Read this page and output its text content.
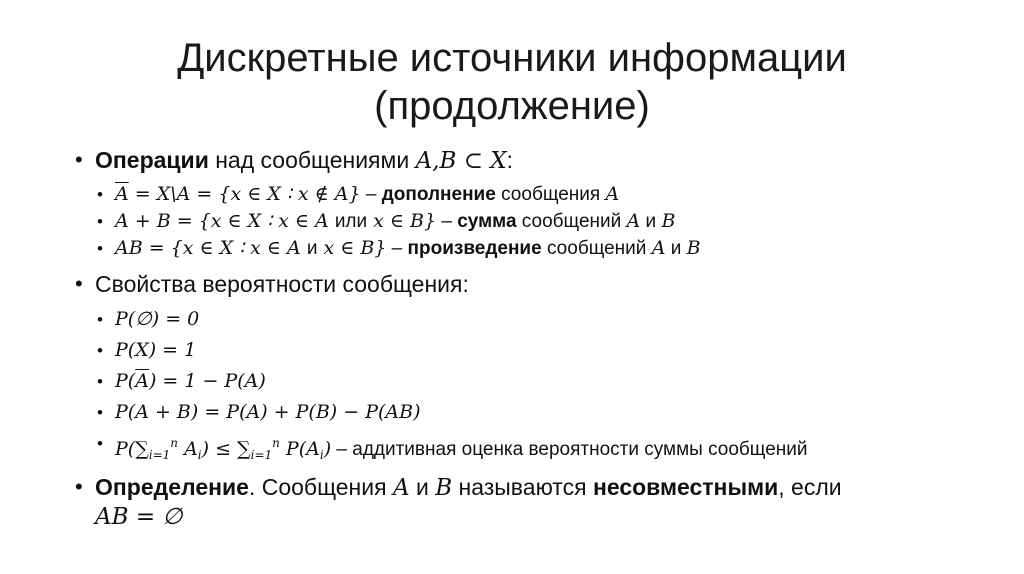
Дискретные источники информации
(продолжение)
• Операции над сообщениями A,B ⊂ X:
• $\overline{A}$ = X\A = {x ∈ X ∶ x ∉ A} – дополнение сообщения A
• A + B = {x ∈ X ∶ x ∈ A или x ∈ B} – сумма сообщений A и B
• AB = {x ∈ X ∶ x ∈ A и x ∈ B} – произведение сообщений A и B
• Свойства вероятности сообщения:
• P(∅) = 0
• P(X) = 1
• $P(\overline{A}) = 1 - P(A)$
• P(A + B) = P(A) + P(B) − P(AB)
• $P(\sum_{i=1}^n$ $A_i) \le \sum_{i=1}^n$ $P(A_i)$ – аддитивная оценка вероятности суммы сообщений
• Определение. Сообщения A и B называются несовместными, если
AB = ∅
